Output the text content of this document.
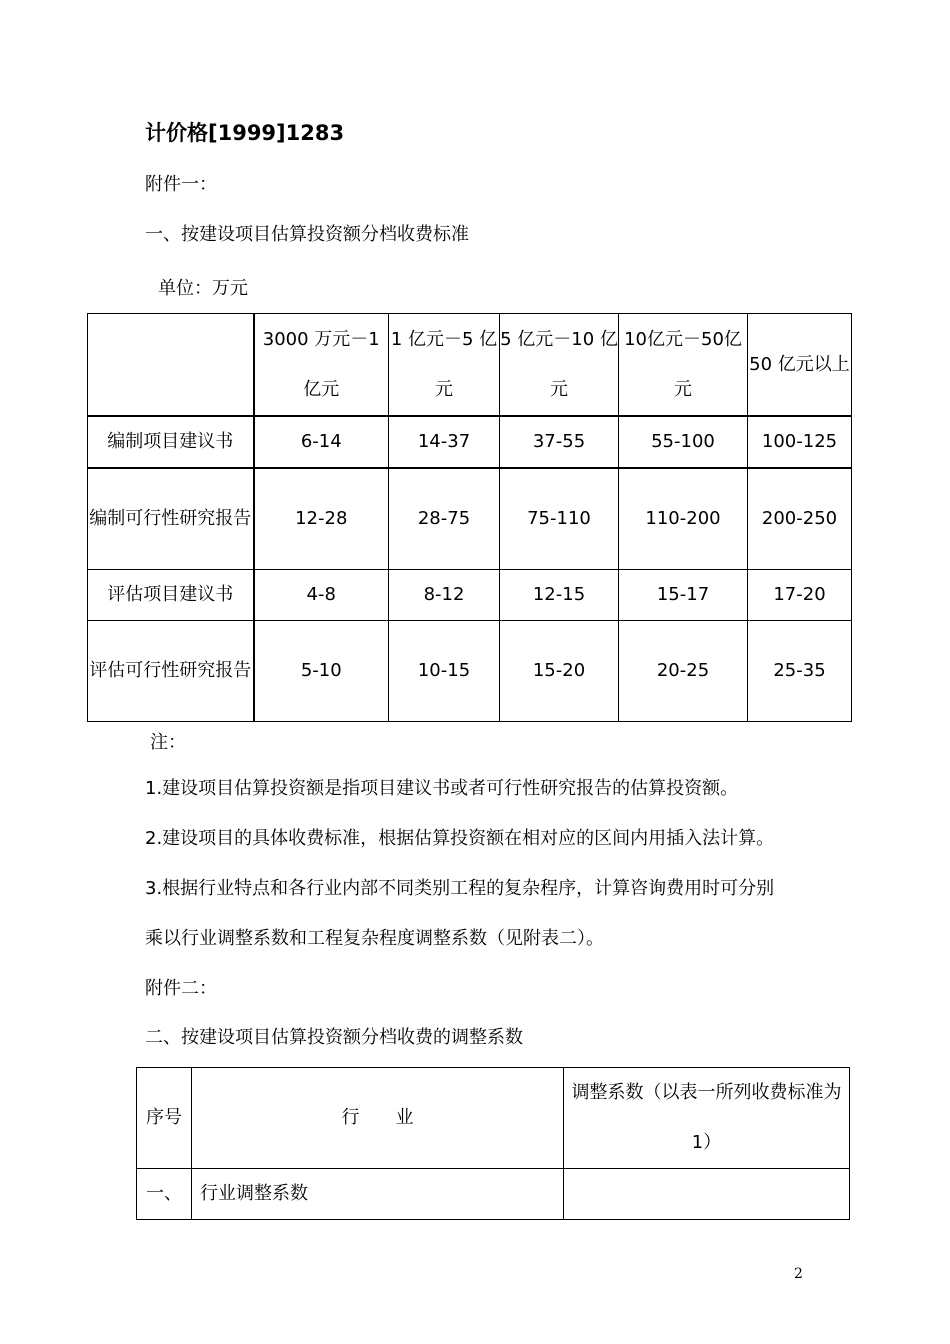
计价格[1999]1283
附件一：
一、按建设项目估算投资额分档收费标准
单位：万元
	3000 万元－1 亿元	1 亿元－5 亿元	5 亿元－10 亿元	10亿元－50亿元	50 亿元以上
编制项目建议书	6-14	14-37	37-55	55-100	100-125
编制可行性研究报告	12-28	28-75	75-110	110-200	200-250
评估项目建议书	4-8	8-12	12-15	15-17	17-20
评估可行性研究报告	5-10	10-15	15-20	20-25	25-35
注：
1.建设项目估算投资额是指项目建议书或者可行性研究报告的估算投资额。
2.建设项目的具体收费标准，根据估算投资额在相对应的区间内用插入法计算。
3.根据行业特点和各行业内部不同类别工程的复杂程序，计算咨询费用时可分别
乘以行业调整系数和工程复杂程度调整系数（见附表二）。
附件二：
二、按建设项目估算投资额分档收费的调整系数
序号	行　　业	调整系数（以表一所列收费标准为 1）
一、	行业调整系数	
2
